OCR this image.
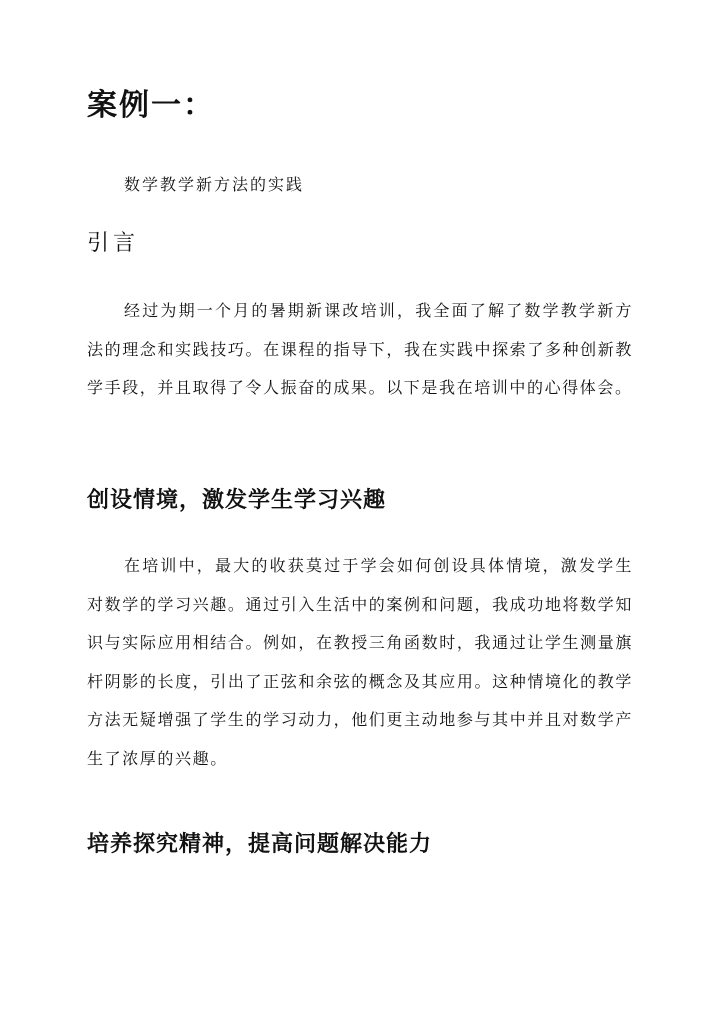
案例一：

数学教学新方法的实践

引言

经过为期一个月的暑期新课改培训，我全面了解了数学教学新方法的理念和实践技巧。在课程的指导下，我在实践中探索了多种创新教学手段，并且取得了令人振奋的成果。以下是我在培训中的心得体会。

创设情境，激发学生学习兴趣

在培训中，最大的收获莫过于学会如何创设具体情境，激发学生对数学的学习兴趣。通过引入生活中的案例和问题，我成功地将数学知识与实际应用相结合。例如，在教授三角函数时，我通过让学生测量旗杆阴影的长度，引出了正弦和余弦的概念及其应用。这种情境化的教学方法无疑增强了学生的学习动力，他们更主动地参与其中并且对数学产生了浓厚的兴趣。

培养探究精神，提高问题解决能力
